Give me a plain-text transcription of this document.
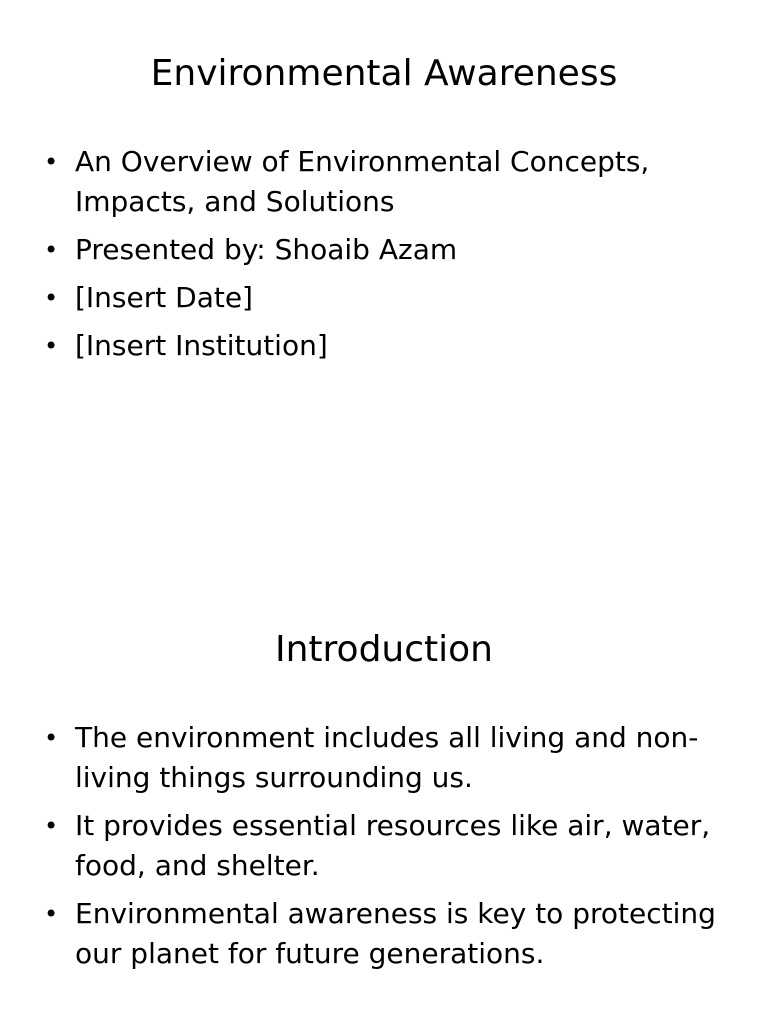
Environmental Awareness
• An Overview of Environmental Concepts, Impacts, and Solutions
• Presented by: Shoaib Azam
• [Insert Date]
• [Insert Institution]
Introduction
• The environment includes all living and non-living things surrounding us.
• It provides essential resources like air, water, food, and shelter.
• Environmental awareness is key to protecting our planet for future generations.
